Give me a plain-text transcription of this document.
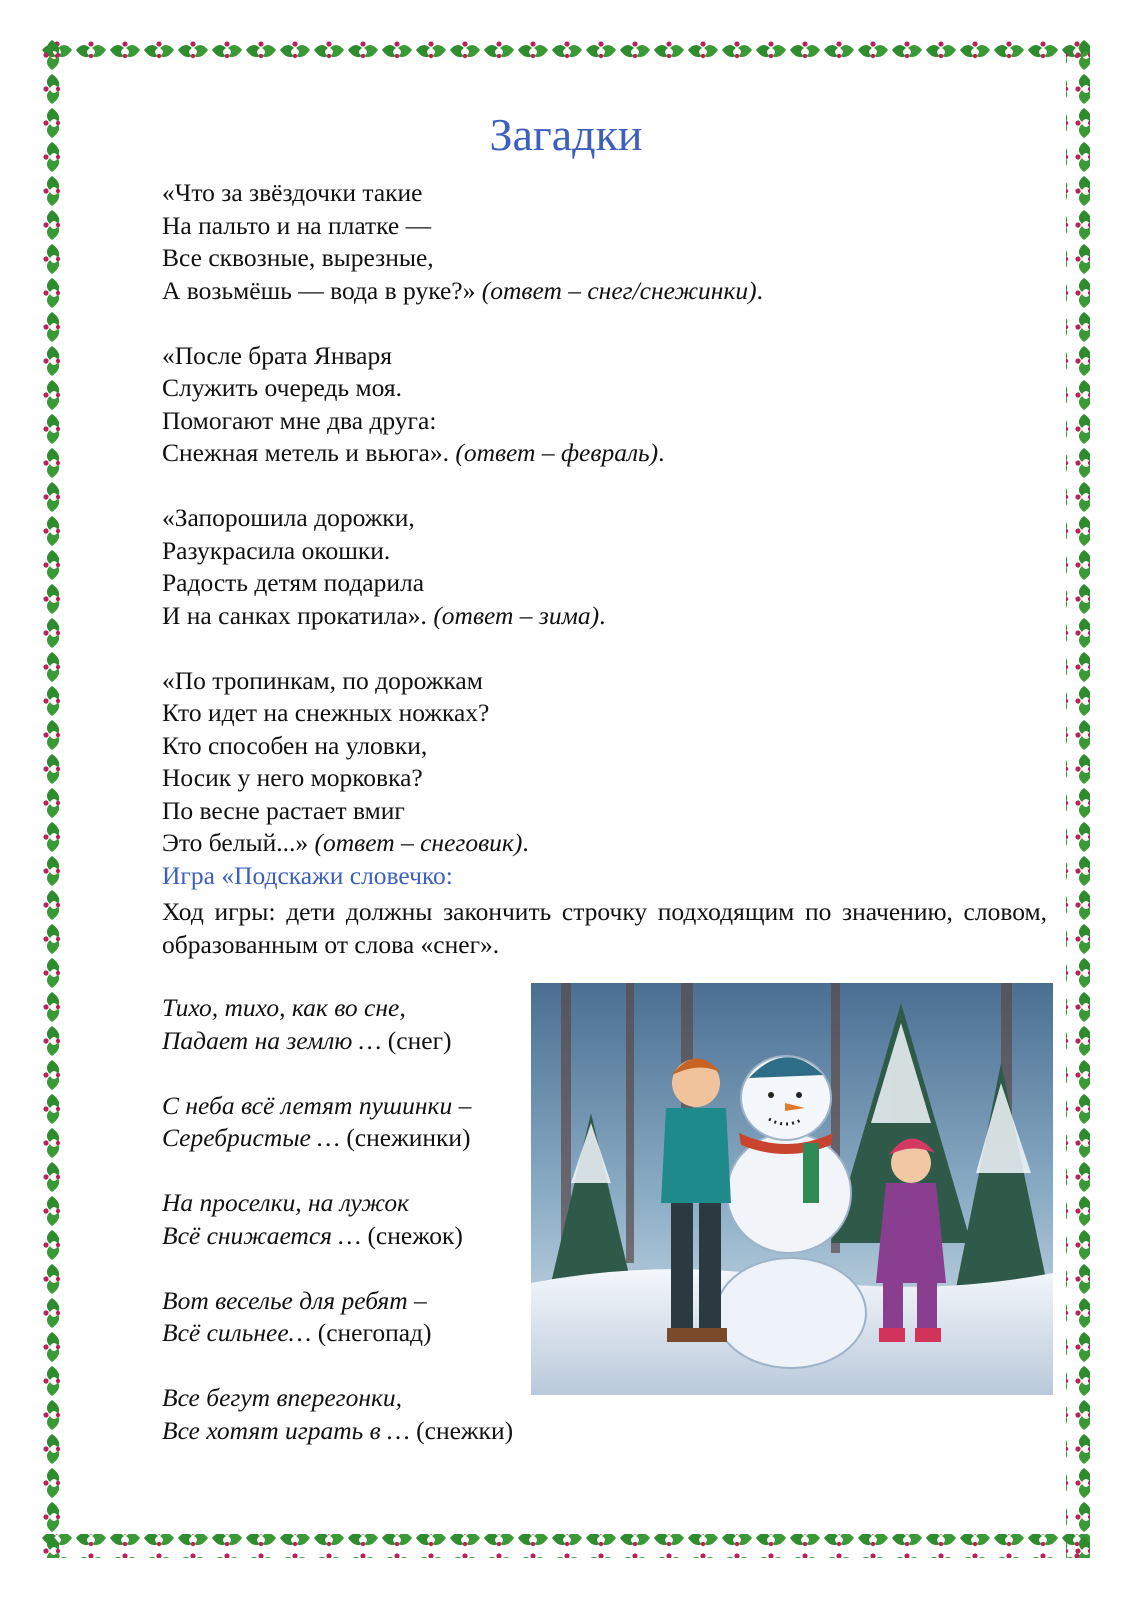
Загадки
«Что за звёздочки такие
На пальто и на платке —
Все сквозные, вырезные,
А возьмёшь — вода в руке?» (ответ – снег/снежинки).
«После брата Января
Служить очередь моя.
Помогают мне два друга:
Снежная метель и вьюга». (ответ – февраль).
«Запорошила дорожки,
Разукрасила окошки.
Радость детям подарила
И на санках прокатила». (ответ – зима).
«По тропинкам, по дорожкам
Кто идет на снежных ножках?
Кто способен на уловки,
Носик у него морковка?
По весне растает вмиг
Это белый...» (ответ – снеговик).
Игра «Подскажи словечко:
Ход игры: дети должны закончить строчку подходящим по значению, словом, образованным от слова «снег».
Тихо, тихо, как во сне,
Падает на землю … (снег)
С неба всё летят пушинки –
Серебристые … (снежинки)
На проселки, на лужок
Всё снижается … (снежок)
Вот веселье для ребят –
Всё сильнее… (снегопад)
Все бегут вперегонки,
Все хотят играть в … (снежки)
